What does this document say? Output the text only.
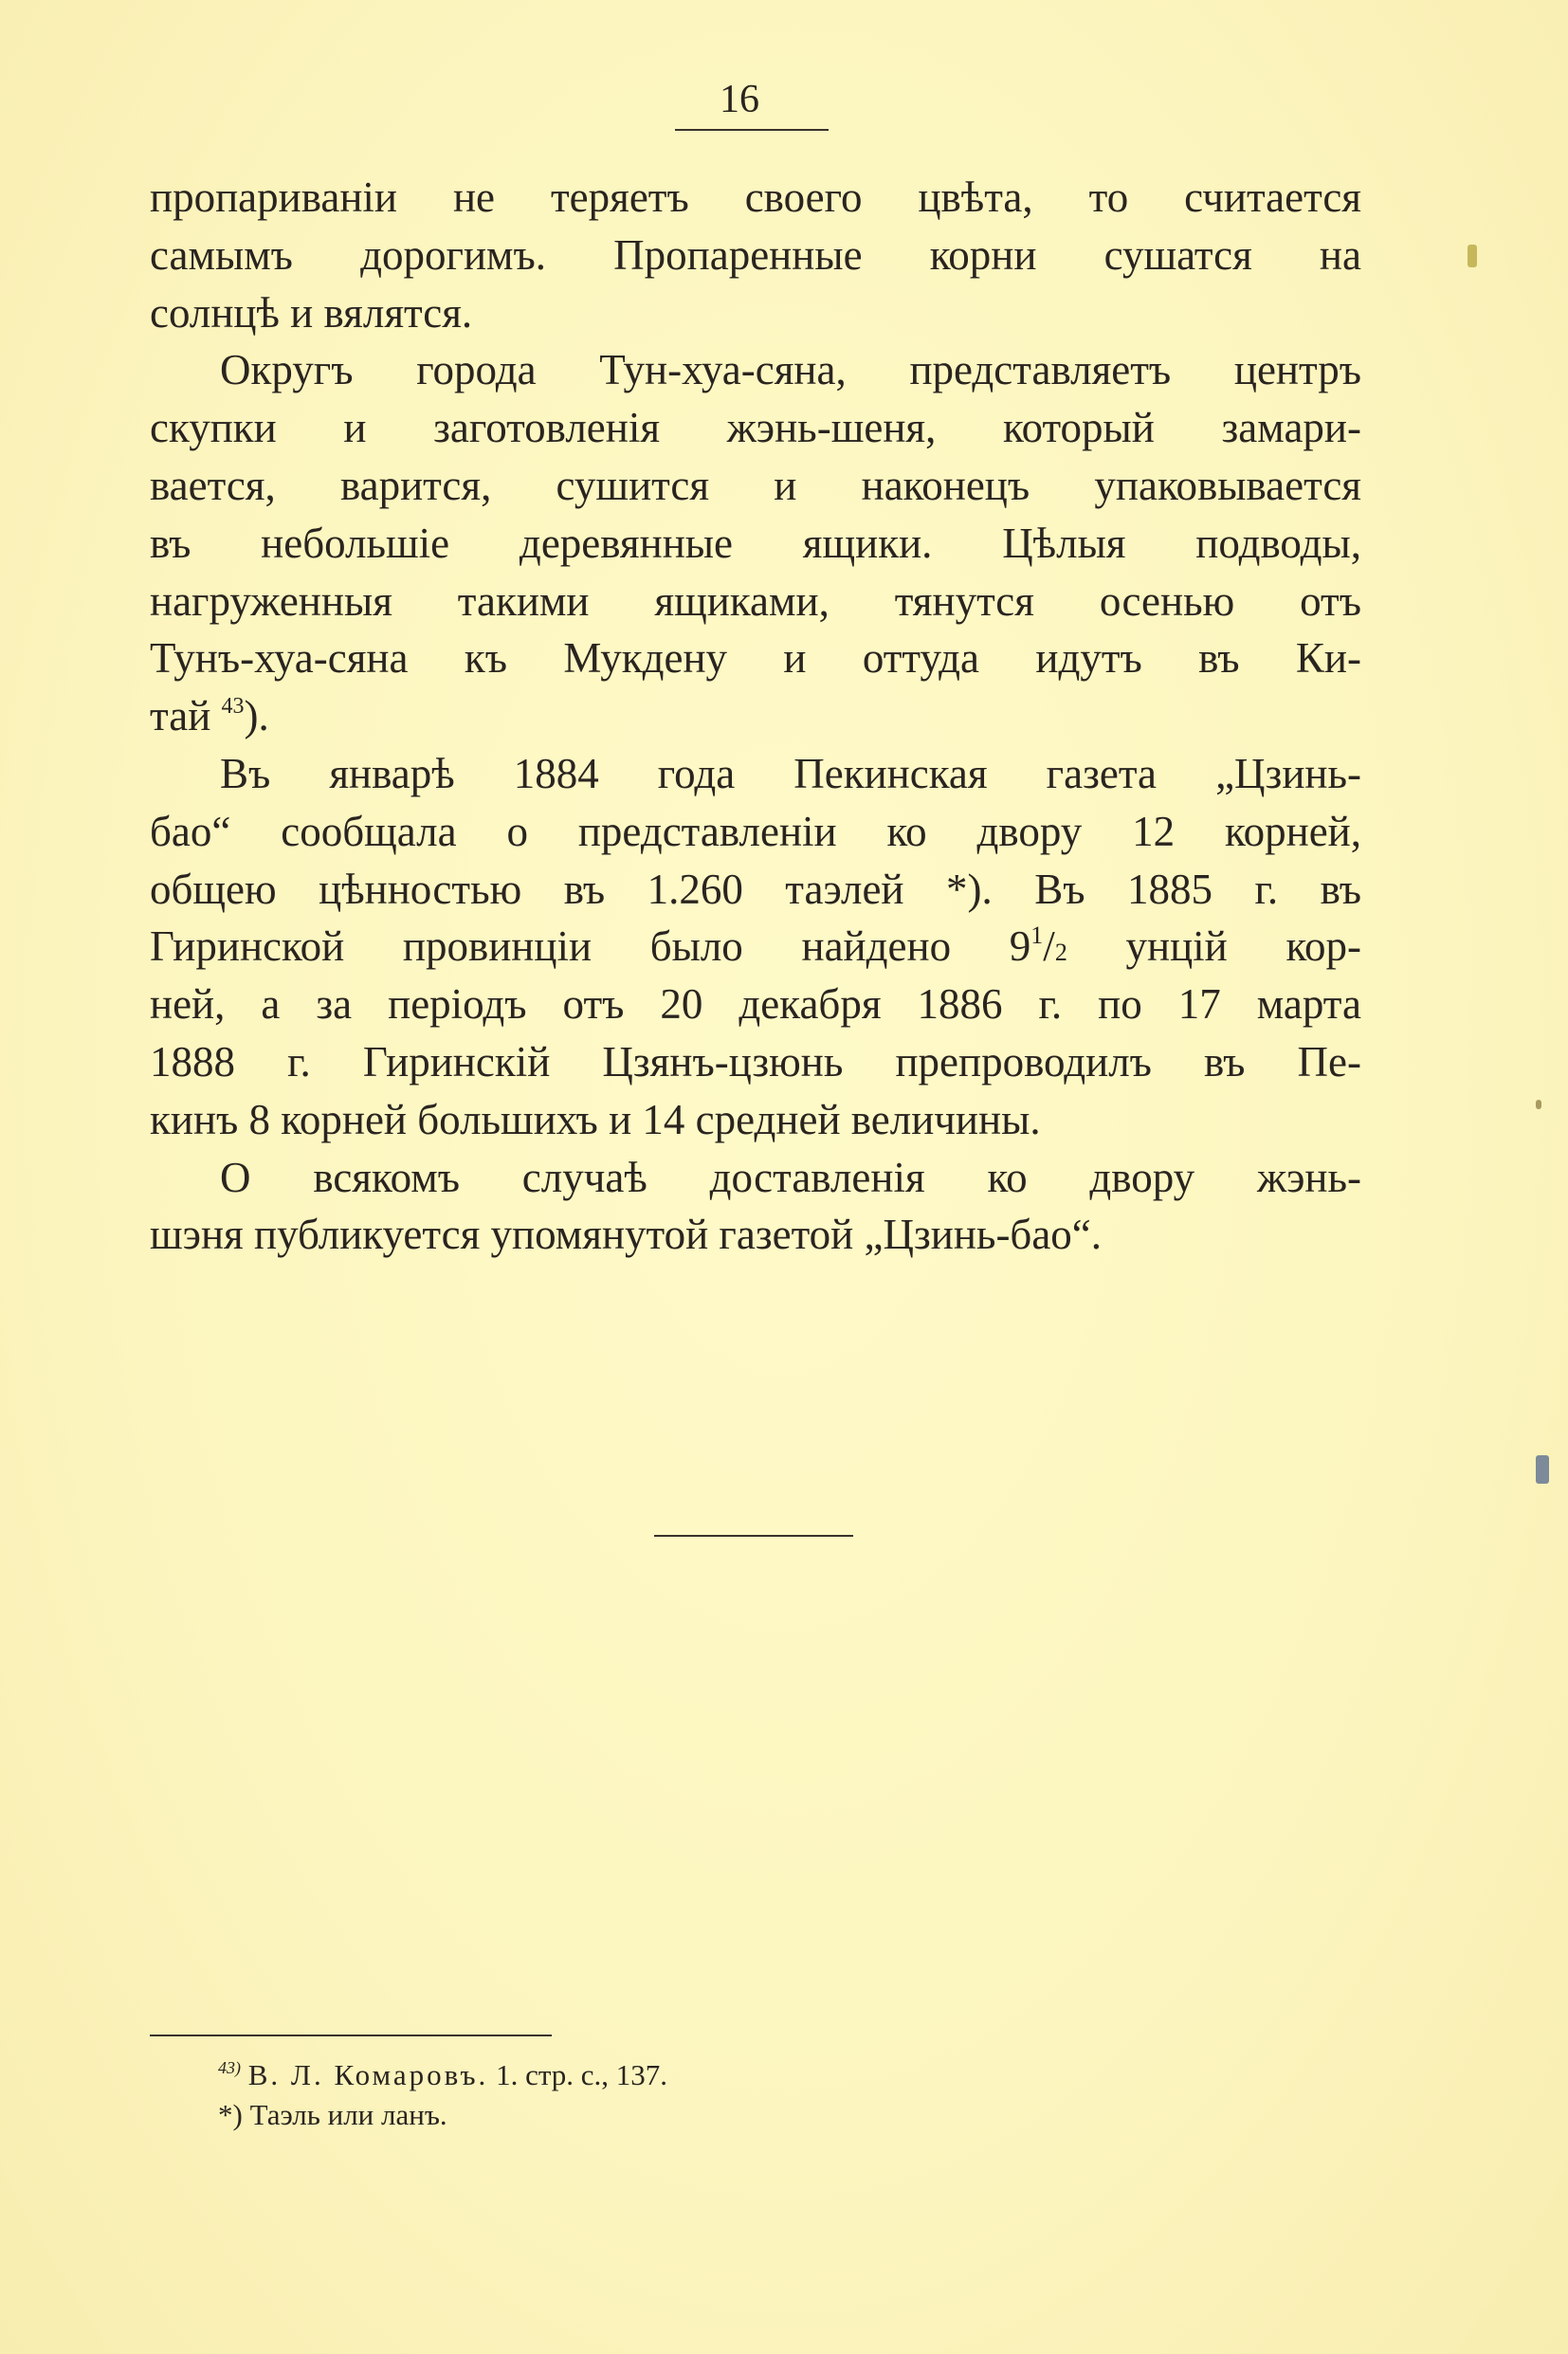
16

пропариванiи не теряетъ своего цвѣта, то считается
самымъ дорогимъ. Пропаренные корни сушатся на
солнцѣ и вялятся.

Округъ города Тун-хуа-сяна, представляетъ центръ
скупки и заготовленiя жэнь-шеня, который замари-
вается, варится, сушится и наконецъ упаковывается
въ небольшiе деревянные ящики. Цѣлыя подводы,
нагруженныя такими ящиками, тянутся осенью отъ
Тунъ-хуа-сяна къ Мукдену и оттуда идутъ въ Ки-
тай $^{43}$).

Въ январѣ 1884 года Пекинская газета „Цзинь-
бао“ сообщала о представленiи ко двору 12 корней,
общею цѣнностью въ 1.260 таэлей *). Въ 1885 г. въ
Гиринской провинцiи было найдено $9^1/2$ унцiй кор-
ней, а за перiодъ отъ 20 декабря 1886 г. по 17 марта
1888 г. Гиринскiй Цзянъ-цзюнь препроводилъ въ Пе-
кинъ 8 корней большихъ и 14 средней величины.

О всякомъ случаѣ доставленiя ко двору жэнь-
шэня публикуется упомянутой газетой „Цзинь-бао“.

$^{43)}$ В. Л. Комаровъ. 1. стр. с., 137.
*) Таэль или ланъ.
